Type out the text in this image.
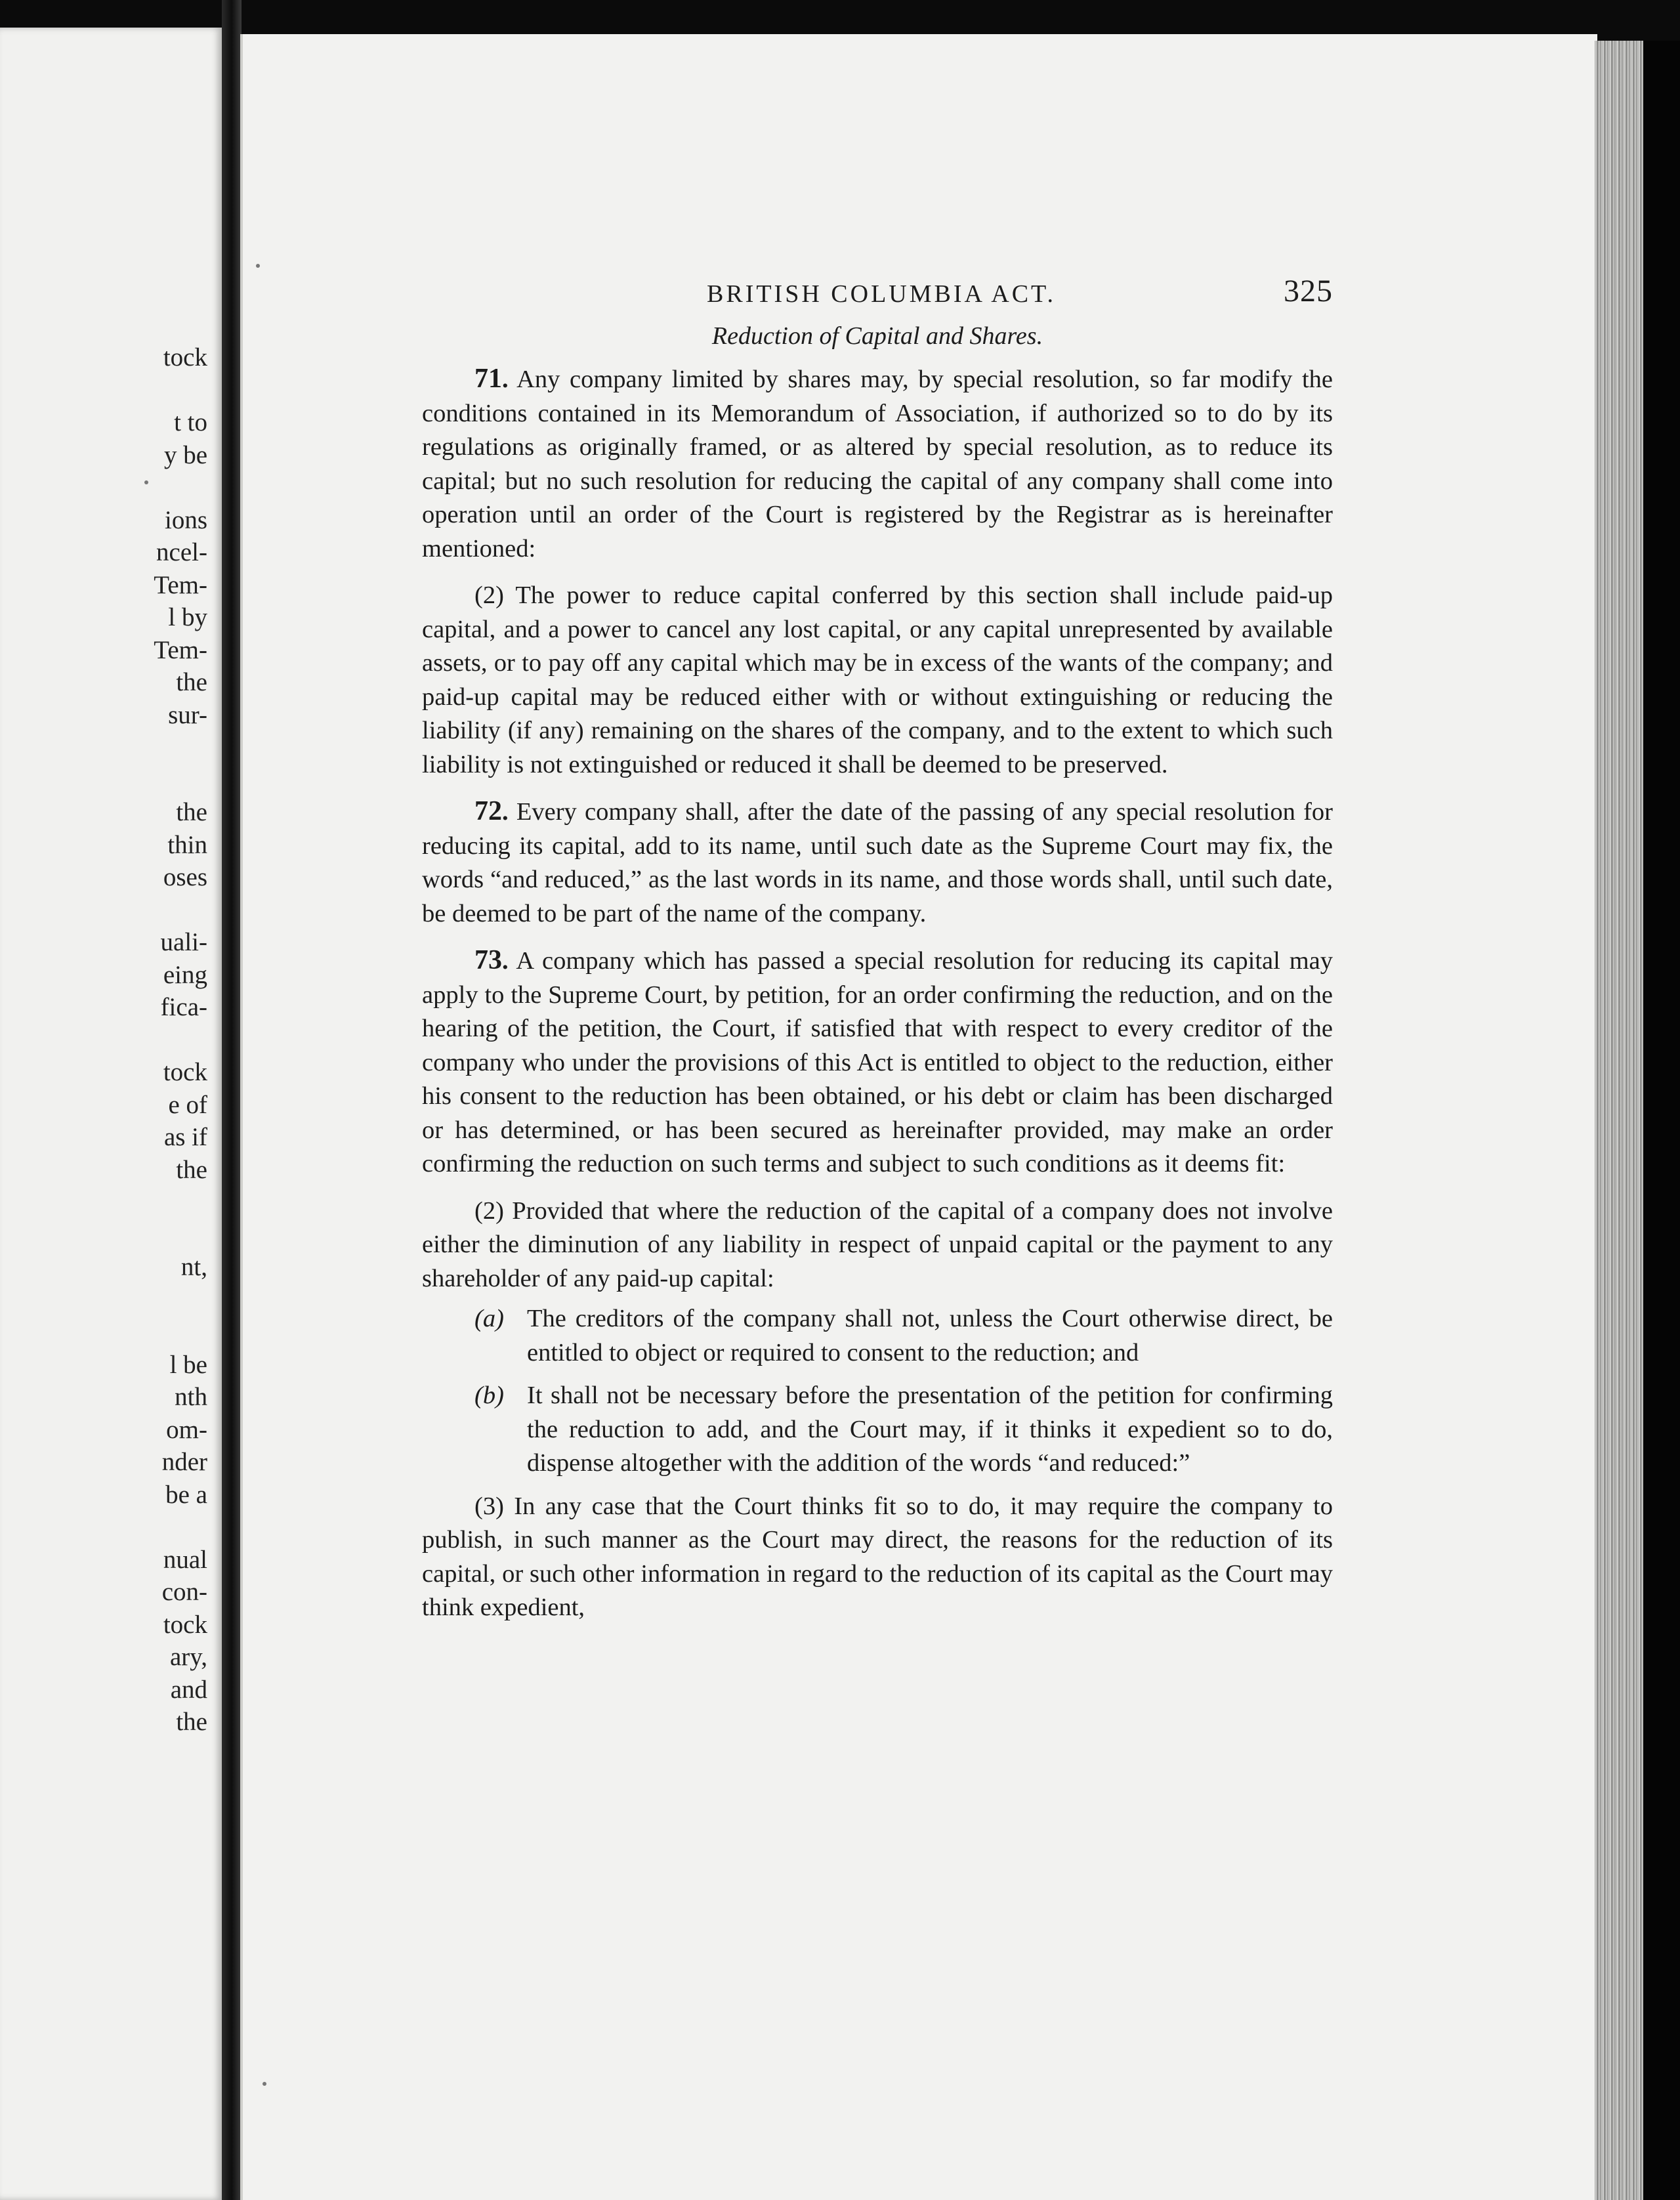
tock
t to
y be
ions
ncel-
Tem-
l by
Tem-
the
sur-
the
thin
oses
uali-
eing
fica-
tock
e of
as if
the
nt,
l be
nth
om-
nder
be a
nual
con-
tock
ary,
and
the
BRITISH COLUMBIA ACT.	325
Reduction of Capital and Shares.

71. Any company limited by shares may, by special resolution, so far modify the conditions contained in its Memorandum of Association, if authorized so to do by its regulations as originally framed, or as altered by special resolution, as to reduce its capital; but no such resolution for reducing the capital of any company shall come into operation until an order of the Court is registered by the Registrar as is hereinafter mentioned:

(2) The power to reduce capital conferred by this section shall include paid-up capital, and a power to cancel any lost capital, or any capital unrepresented by available assets, or to pay off any capital which may be in excess of the wants of the company; and paid-up capital may be reduced either with or without extinguishing or reducing the liability (if any) remaining on the shares of the company, and to the extent to which such liability is not extinguished or reduced it shall be deemed to be preserved.

72. Every company shall, after the date of the passing of any special resolution for reducing its capital, add to its name, until such date as the Supreme Court may fix, the words “and reduced,” as the last words in its name, and those words shall, until such date, be deemed to be part of the name of the company.

73. A company which has passed a special resolution for reducing its capital may apply to the Supreme Court, by petition, for an order confirming the reduction, and on the hearing of the petition, the Court, if satisfied that with respect to every creditor of the company who under the provisions of this Act is entitled to object to the reduction, either his consent to the reduction has been obtained, or his debt or claim has been discharged or has determined, or has been secured as hereinafter provided, may make an order confirming the reduction on such terms and subject to such conditions as it deems fit:

(2) Provided that where the reduction of the capital of a company does not involve either the diminution of any liability in respect of unpaid capital or the payment to any shareholder of any paid-up capital:

(a) The creditors of the company shall not, unless the Court otherwise direct, be entitled to object or required to consent to the reduction; and
(b) It shall not be necessary before the presentation of the petition for confirming the reduction to add, and the Court may, if it thinks it expedient so to do, dispense altogether with the addition of the words “and reduced:”

(3) In any case that the Court thinks fit so to do, it may require the company to publish, in such manner as the Court may direct, the reasons for the reduction of its capital, or such other information in regard to the reduction of its capital as the Court may think expedient,
